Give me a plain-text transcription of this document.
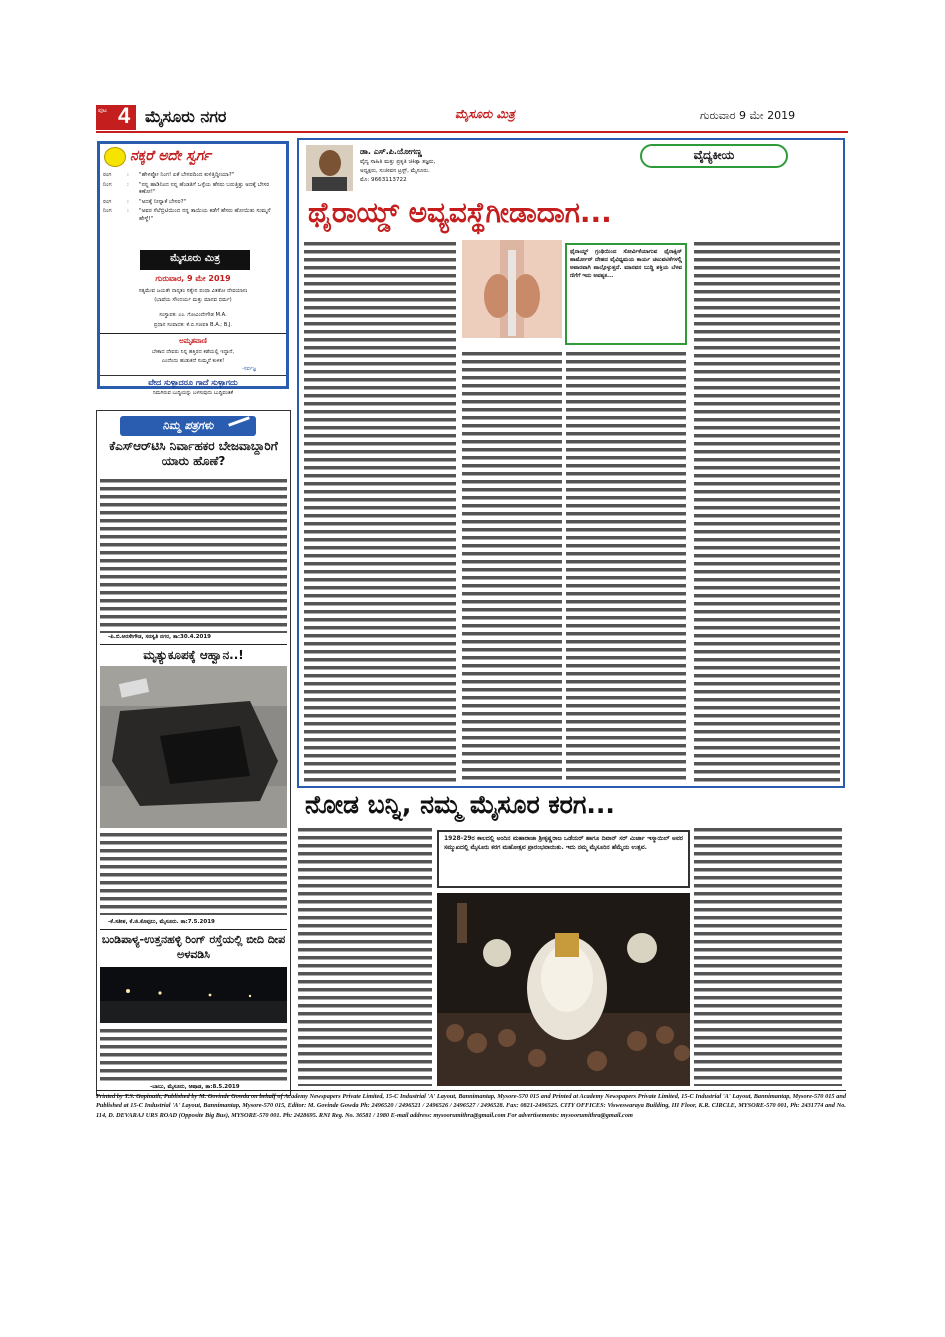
ಪುಟ 4 ಮೈಸೂರು ನಗರ	ಮೈಸೂರು ಮಿತ್ರ	ಗುರುವಾರ 9 ಮೇ 2019
ನಕ್ಕರೆ ಅದೇ ಸ್ವರ್ಗ
ರಂಗ	:	"ಹೇಳಪ್ಪೋ ನಿಂಗ! ಏಕೆ ಬೇಸರದಿಂದ ಕುಳಿತ್ತಿದ್ದೀಯಾ?"
ನಿಂಗ	:	"ನನ್ನ ಹಾಡಿನಿಂದ ನನ್ನ ಹೆಂಡತಿಗೆ ಒಳ್ಳೆಯ ಹೆಸರು ಬರುತ್ತಿತ್ತು ಅದಕ್ಕೆ ಬೇಸರ ಕಣೋ!"
ರಂಗ	:	"ಅದಕ್ಕೆ ನೀನ್ಯಾಕೆ ಬೇಸರ?"
ನಿಂಗ	:	"ಅವರ ಸೆಲೆಬ್ರಿಟಿಯಿಂದ ನನ್ನ ತಾಯಿಯ ಕಡೆಗೆ ಹೆಸರು ಹೋಯಿತು ಸುಮ್ಮನೆ ಹೇಳ್ದೆ!"
ಮೈಸೂರು ಮಿತ್ರ
ಗುರುವಾರ, 9 ಮೇ 2019
ಸತ್ಯಮೇವ ಜಯತೇ ನಾನೃತಂ ಸತ್ಯೇನ ಪಂಥಾ ವಿತತೋ ದೇವಯಾನಃ
(ಭಾಷೆಯ ಸೌಂದರ್ಯ ಮತ್ತು ಮಾನವ ಧರ್ಮ)
ಸಂಸ್ಥಾಪಕ: ಎಂ. ಗೋವಿಂದೇಗೌಡ M.A.
ಪ್ರಧಾನ ಸಂಪಾದಕ: ಕೆ.ಬಿ.ಗಣಪತಿ B.A.; B.J.
ಅಮೃತವಾಣಿ
ಬೇಕಾದ ದೇವರು ನಿನ್ನ ಹತ್ತಿರದ ಕಡೆಯಲ್ಲಿ ಇದ್ದಾನೆ,
ಎಂದೆಂದು ಹುಡುಕದೆ ಸುಮ್ಮನೆ ಕುಳಿತ!
-ಸರ್ವಜ್ಞ
ವೇದ ಸುಳ್ಳಾದರೂ ಗಾದೆ ಸುಳ್ಳಾಗದು
ನಿಮಗಿರುವ ಬುದ್ಧಿಯನ್ನು ಬಳಸುವುದು ಬುದ್ಧಿವಂತಿಕೆ
ನಿಮ್ಮ ಪತ್ರಗಳು
ಕೆಎಸ್‌ಆರ್‌ಟಿಸಿ ನಿರ್ವಾಹಕರ ಬೇಜವಾಬ್ದಾರಿಗೆ ಯಾರು ಹೊಣೆ?
-ಪಿ.ಬಿ.ಅರಸೇಗೌಡ, ಸರಸ್ವತಿ ನಗರ, ತಾ:30.4.2019
ಮೃತ್ಯುಕೂಪಕ್ಕೆ ಆಹ್ವಾನ..!
-ಕೆ.ಸತೀಶ, ಕೆ.ಜಿ.ಕೊಪ್ಪಲು, ಮೈಸೂರು. ತಾ:7.5.2019
ಬಂಡಿಪಾಳ್ಯ-ಉತ್ತನಹಳ್ಳಿ ರಿಂಗ್ ರಸ್ತೆಯಲ್ಲಿ ಬೀದಿ ದೀಪ ಅಳವಡಿಸಿ
-ಬಾಬು, ಮೈಸೂರು, ಆಷಾಡ, ತಾ:8.5.2019
ಡಾ. ಎಸ್.ಪಿ.ಯೋಗಣ್ಣ
ವೈದ್ಯ ಸಾಹಿತಿ ಮತ್ತು ಪ್ರಕೃತಿ ಚಿಕಿತ್ಸಾ ತಜ್ಞರು,
ಅಧ್ಯಕ್ಷರು, ಸುಜೀವನ ಟ್ರಸ್ಟ್, ಮೈಸೂರು.
ಮೊ: 9663113722
ವೈದ್ಯಕೀಯ
ಥೈರಾಯ್ಡ್ ಅವ್ಯವಸ್ಥೆಗೀಡಾದಾಗ...

ಥೈರಾಯ್ಡ್ ಗ್ರಂಥಿಯಿಂದ ಸೋರ್ವಿಕೆಯಾಗುವ ಥೈರಾಕ್ಸಿನ್ ಹಾರ್ಮೋನ್ ದೇಹದ ವೈವಿಧ್ಯಮಯ ಕಾರ್ಯ ಚಟುವಟಿಕೆಗಳಲ್ಲಿ ಅಪಾರವಾಗಿ ಪಾಲ್ಗೊಳ್ಳುತ್ತದೆ. ಮಾನವನ ಬುದ್ಧಿ ಶಕ್ತಿಯ ಬೆಳವಣಿಗೆಗೆ ಇದು ಅವಶ್ಯಕ...

ನೋಡ ಬನ್ನಿ, ನಮ್ಮ ಮೈಸೂರ ಕರಗ...

1928-29ರ ಕಾಲದಲ್ಲಿ ಅಂದಿನ ಮಹಾರಾಜಾ ಶ್ರೀಕೃಷ್ಣರಾಜ ಒಡೆಯರ್ ಹಾಗೂ ದಿವಾನ್ ಸರ್ ಮಿರ್ಜಾ ಇಸ್ಮಾಯಿಲ್ ಅವರ ಸಮ್ಮುಖದಲ್ಲಿ ಮೈಸೂರು ಕರಗ ಮಹೋತ್ಸವ ಪ್ರಾರಂಭವಾಯಿತು. ಇದು ನಮ್ಮ ಮೈಸೂರಿನ ಹೆಮ್ಮೆಯ ಉತ್ಸವ.

Printed by T.S. Gopinath, Published by M. Govinde Gowda on behalf of Academy Newspapers Private Limited, 15-C Industrial 'A' Layout, Bannimantap, Mysore-570 015 and Printed at Academy Newspapers Private Limited, 15-C Industrial 'A' Layout, Bannimantap, Mysore-570 015 and Published at 15-C Industrial 'A' Layout, Bannimantap, Mysore-570 015, Editor: M. Govinde Gowda Ph: 2496520 / 2496521 / 2496526 / 2496527 / 2496528. Fax: 0821-2496525. CITY OFFICES: Visweswaraya Building, III Floor, K.R. CIRCLE, MYSORE-570 001, Ph: 2431774 and No. 114, D. DEVARAJ URS ROAD (Opposite Big Bus), MYSORE-570 001. Ph: 2428695. RNI Reg. No. 36581 / 1980 E-mail address: mysoorumithra@gmail.com For advertisements: mysoorumithra@gmail.com
